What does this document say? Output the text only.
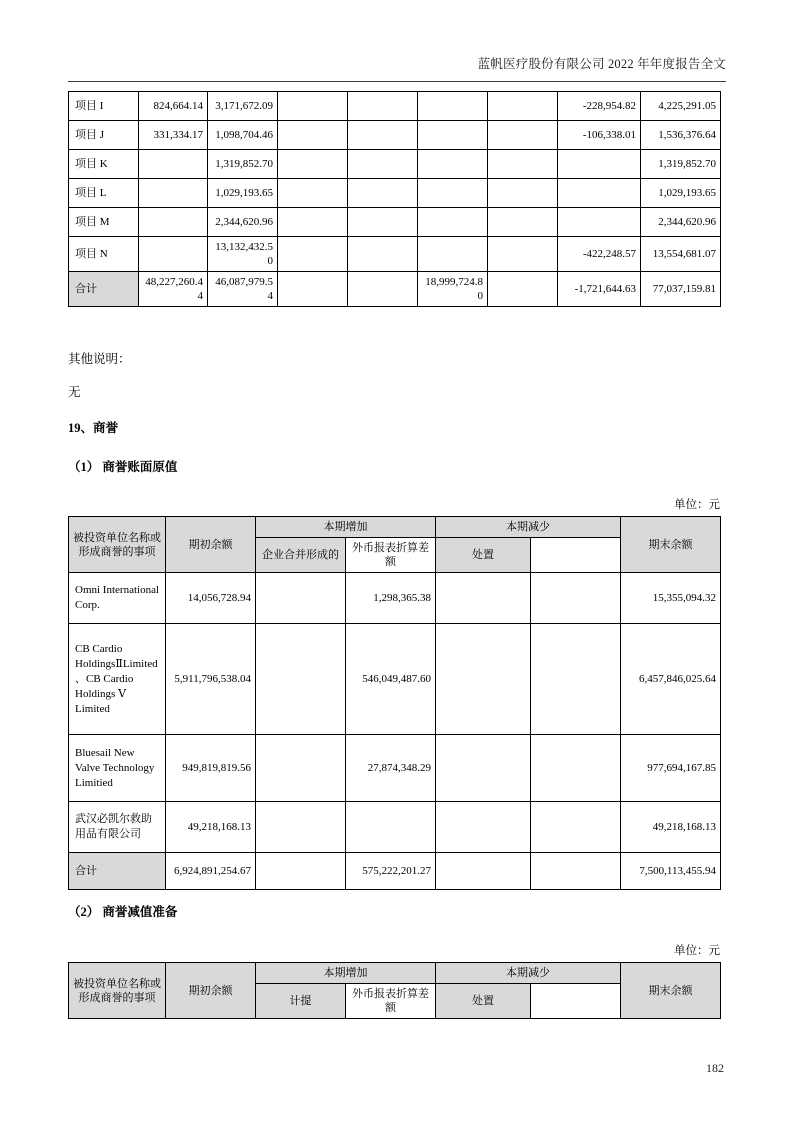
蓝帆医疗股份有限公司 2022 年年度报告全文
项目 I	824,664.14	3,171,672.09					-228,954.82	4,225,291.05
项目 J	331,334.17	1,098,704.46					-106,338.01	1,536,376.64
项目 K		1,319,852.70						1,319,852.70
项目 L		1,029,193.65						1,029,193.65
项目 M		2,344,620.96						2,344,620.96
项目 N		13,132,432.50					-422,248.57	13,554,681.07
合计	48,227,260.44	46,087,979.54			18,999,724.80		-1,721,644.63	77,037,159.81
其他说明：
无
19、商誉
（1） 商誉账面原值
单位：元
被投资单位名称或形成商誉的事项	期初余额	本期增加		本期减少		期末余额
		企业合并形成的	外币报表折算差额	处置		
Omni International Corp.	14,056,728.94		1,298,365.38			15,355,094.32
CB Cardio HoldingsⅡLimited、CB Cardio Holdings Ⅴ Limited	5,911,796,538.04		546,049,487.60			6,457,846,025.64
Bluesail New Valve Technology Limitied	949,819,819.56		27,874,348.29			977,694,167.85
武汉必凯尔救助用品有限公司	49,218,168.13					49,218,168.13
合计	6,924,891,254.67		575,222,201.27			7,500,113,455.94
（2） 商誉减值准备
单位：元
被投资单位名称或形成商誉的事项	期初余额	本期增加		本期减少		期末余额
		计提	外币报表折算差额	处置		
182
